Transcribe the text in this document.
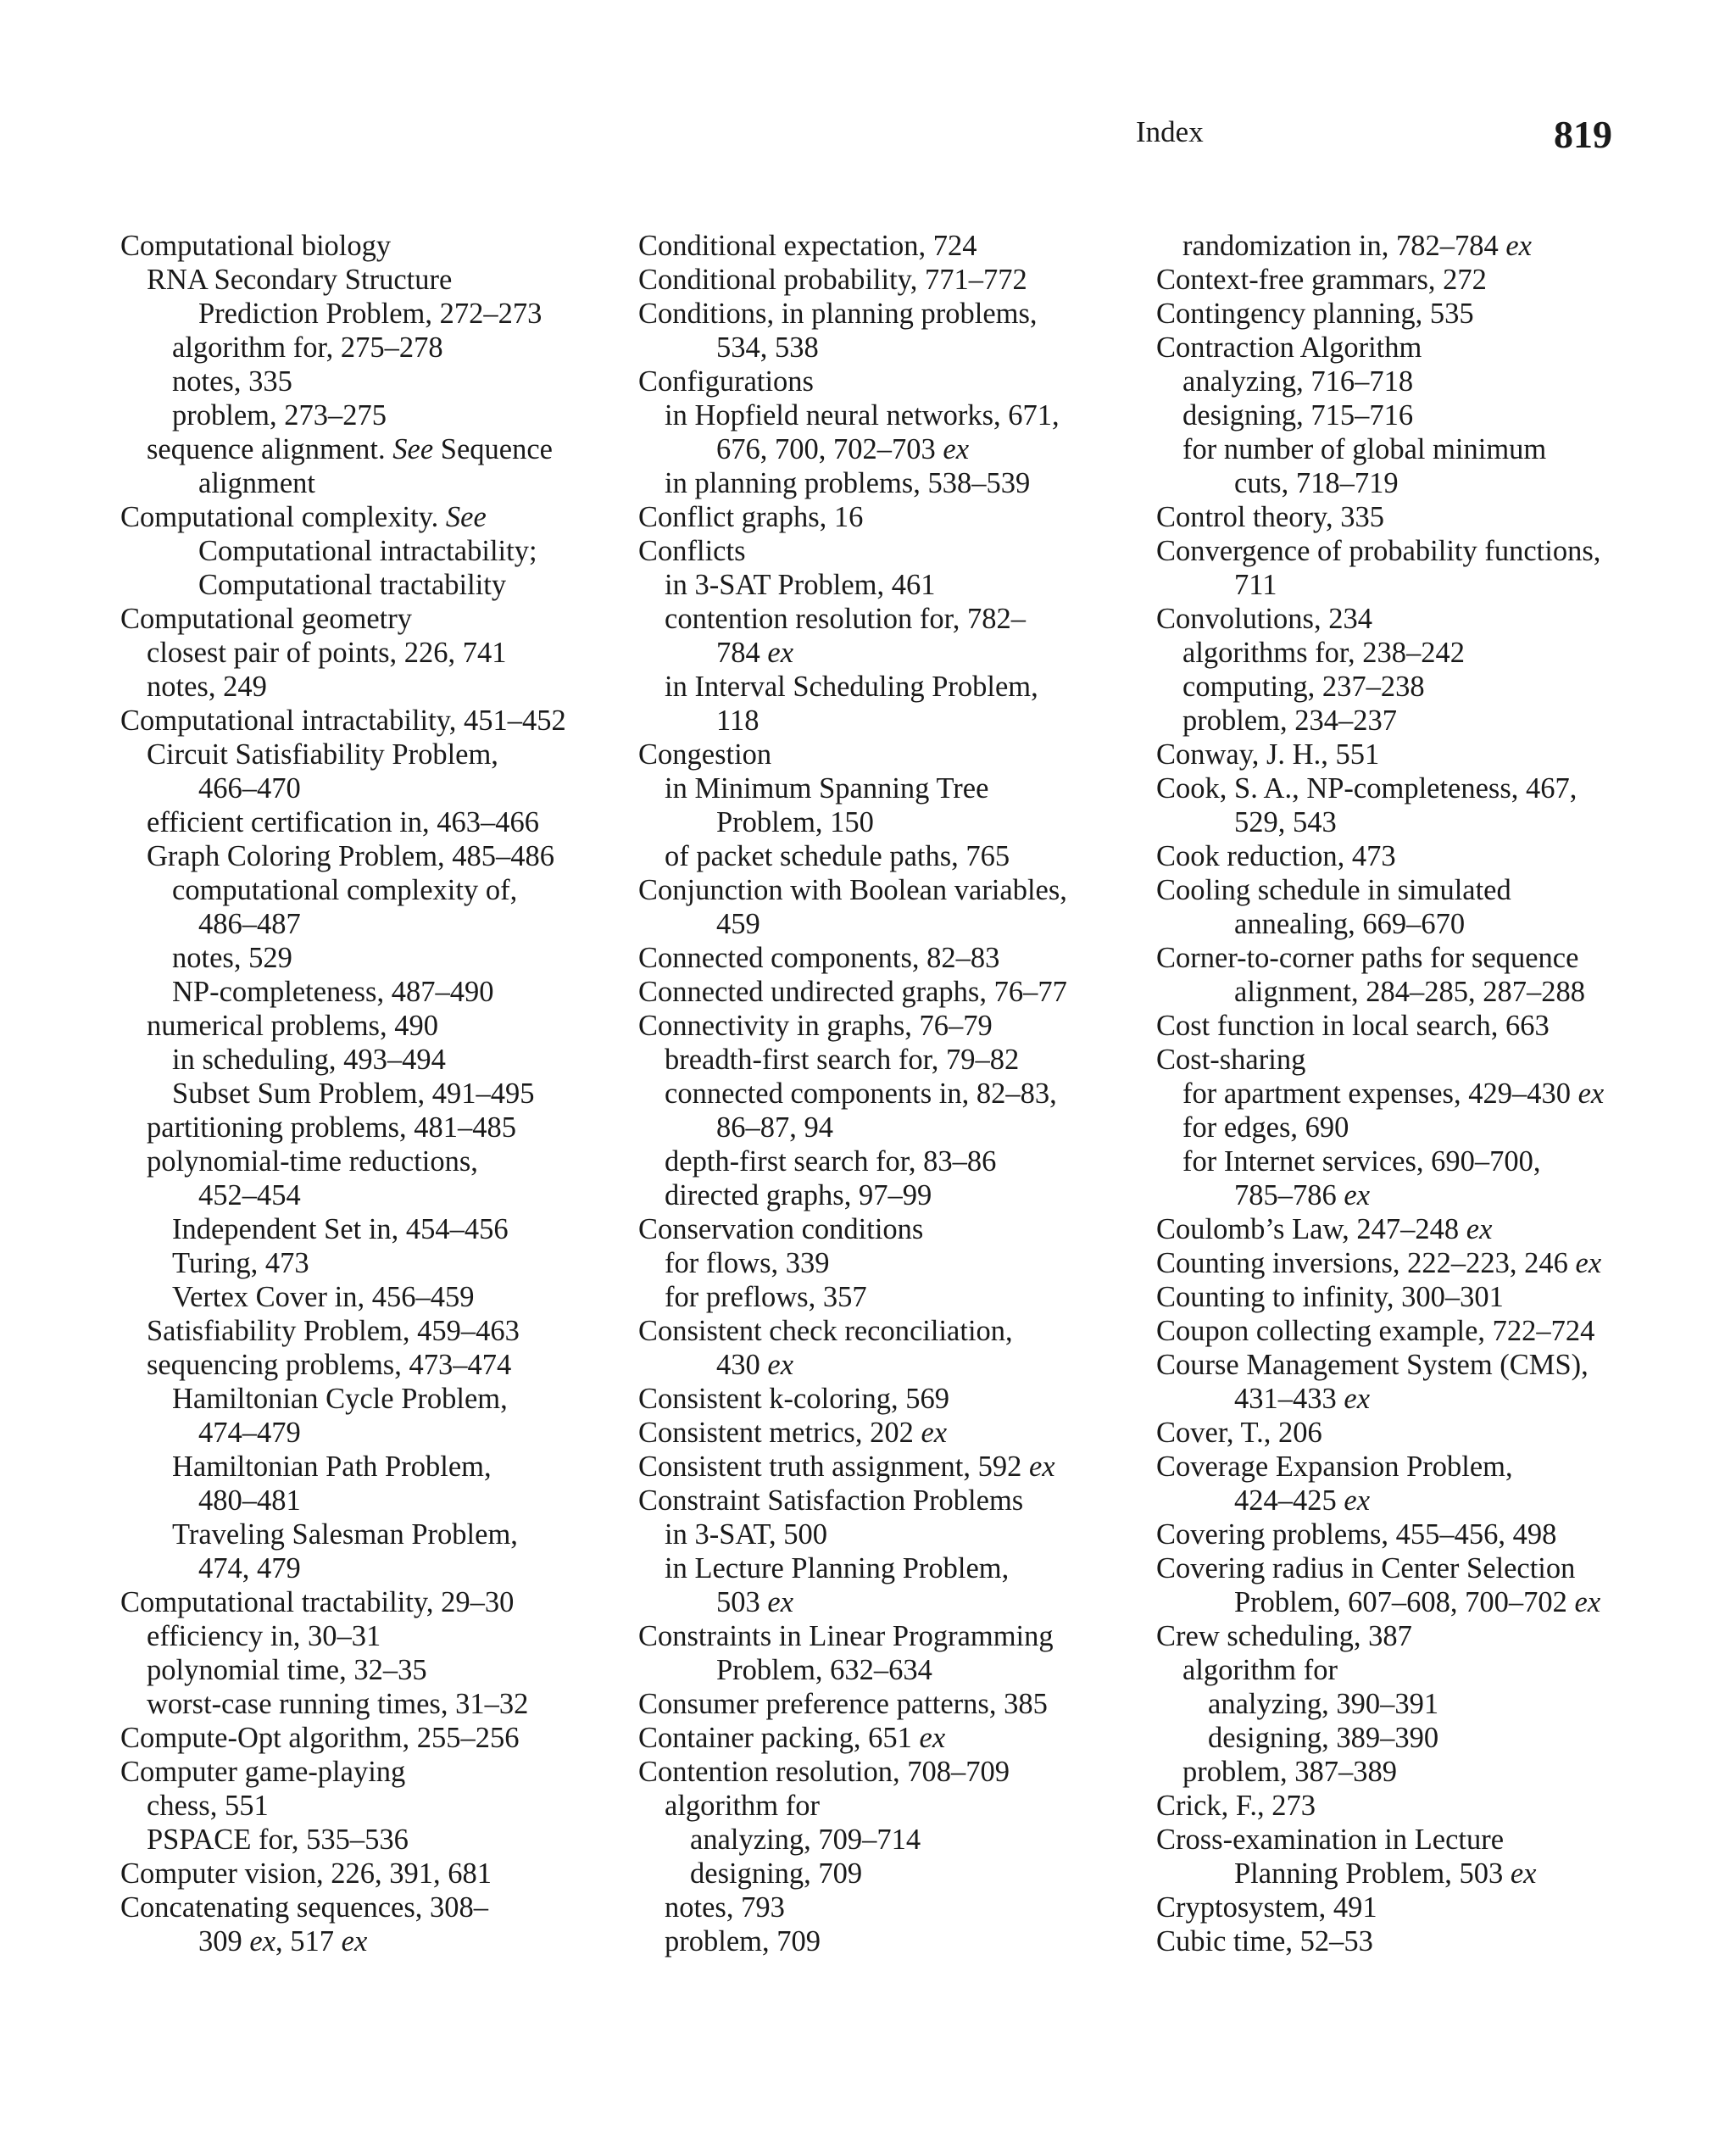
Index	819
Computational biology
RNA Secondary Structure
Prediction Problem, 272–273
algorithm for, 275–278
notes, 335
problem, 273–275
sequence alignment. See Sequence
alignment
Computational complexity. See
Computational intractability;
Computational tractability
Computational geometry
closest pair of points, 226, 741
notes, 249
Computational intractability, 451–452
Circuit Satisfiability Problem,
466–470
efficient certification in, 463–466
Graph Coloring Problem, 485–486
computational complexity of,
486–487
notes, 529
NP-completeness, 487–490
numerical problems, 490
in scheduling, 493–494
Subset Sum Problem, 491–495
partitioning problems, 481–485
polynomial-time reductions,
452–454
Independent Set in, 454–456
Turing, 473
Vertex Cover in, 456–459
Satisfiability Problem, 459–463
sequencing problems, 473–474
Hamiltonian Cycle Problem,
474–479
Hamiltonian Path Problem,
480–481
Traveling Salesman Problem,
474, 479
Computational tractability, 29–30
efficiency in, 30–31
polynomial time, 32–35
worst-case running times, 31–32
Compute-Opt algorithm, 255–256
Computer game-playing
chess, 551
PSPACE for, 535–536
Computer vision, 226, 391, 681
Concatenating sequences, 308–
309 ex, 517 ex
Conditional expectation, 724
Conditional probability, 771–772
Conditions, in planning problems,
534, 538
Configurations
in Hopfield neural networks, 671,
676, 700, 702–703 ex
in planning problems, 538–539
Conflict graphs, 16
Conflicts
in 3-SAT Problem, 461
contention resolution for, 782–
784 ex
in Interval Scheduling Problem,
118
Congestion
in Minimum Spanning Tree
Problem, 150
of packet schedule paths, 765
Conjunction with Boolean variables,
459
Connected components, 82–83
Connected undirected graphs, 76–77
Connectivity in graphs, 76–79
breadth-first search for, 79–82
connected components in, 82–83,
86–87, 94
depth-first search for, 83–86
directed graphs, 97–99
Conservation conditions
for flows, 339
for preflows, 357
Consistent check reconciliation,
430 ex
Consistent k-coloring, 569
Consistent metrics, 202 ex
Consistent truth assignment, 592 ex
Constraint Satisfaction Problems
in 3-SAT, 500
in Lecture Planning Problem,
503 ex
Constraints in Linear Programming
Problem, 632–634
Consumer preference patterns, 385
Container packing, 651 ex
Contention resolution, 708–709
algorithm for
analyzing, 709–714
designing, 709
notes, 793
problem, 709
randomization in, 782–784 ex
Context-free grammars, 272
Contingency planning, 535
Contraction Algorithm
analyzing, 716–718
designing, 715–716
for number of global minimum
cuts, 718–719
Control theory, 335
Convergence of probability functions,
711
Convolutions, 234
algorithms for, 238–242
computing, 237–238
problem, 234–237
Conway, J. H., 551
Cook, S. A., NP-completeness, 467,
529, 543
Cook reduction, 473
Cooling schedule in simulated
annealing, 669–670
Corner-to-corner paths for sequence
alignment, 284–285, 287–288
Cost function in local search, 663
Cost-sharing
for apartment expenses, 429–430 ex
for edges, 690
for Internet services, 690–700,
785–786 ex
Coulomb’s Law, 247–248 ex
Counting inversions, 222–223, 246 ex
Counting to infinity, 300–301
Coupon collecting example, 722–724
Course Management System (CMS),
431–433 ex
Cover, T., 206
Coverage Expansion Problem,
424–425 ex
Covering problems, 455–456, 498
Covering radius in Center Selection
Problem, 607–608, 700–702 ex
Crew scheduling, 387
algorithm for
analyzing, 390–391
designing, 389–390
problem, 387–389
Crick, F., 273
Cross-examination in Lecture
Planning Problem, 503 ex
Cryptosystem, 491
Cubic time, 52–53
